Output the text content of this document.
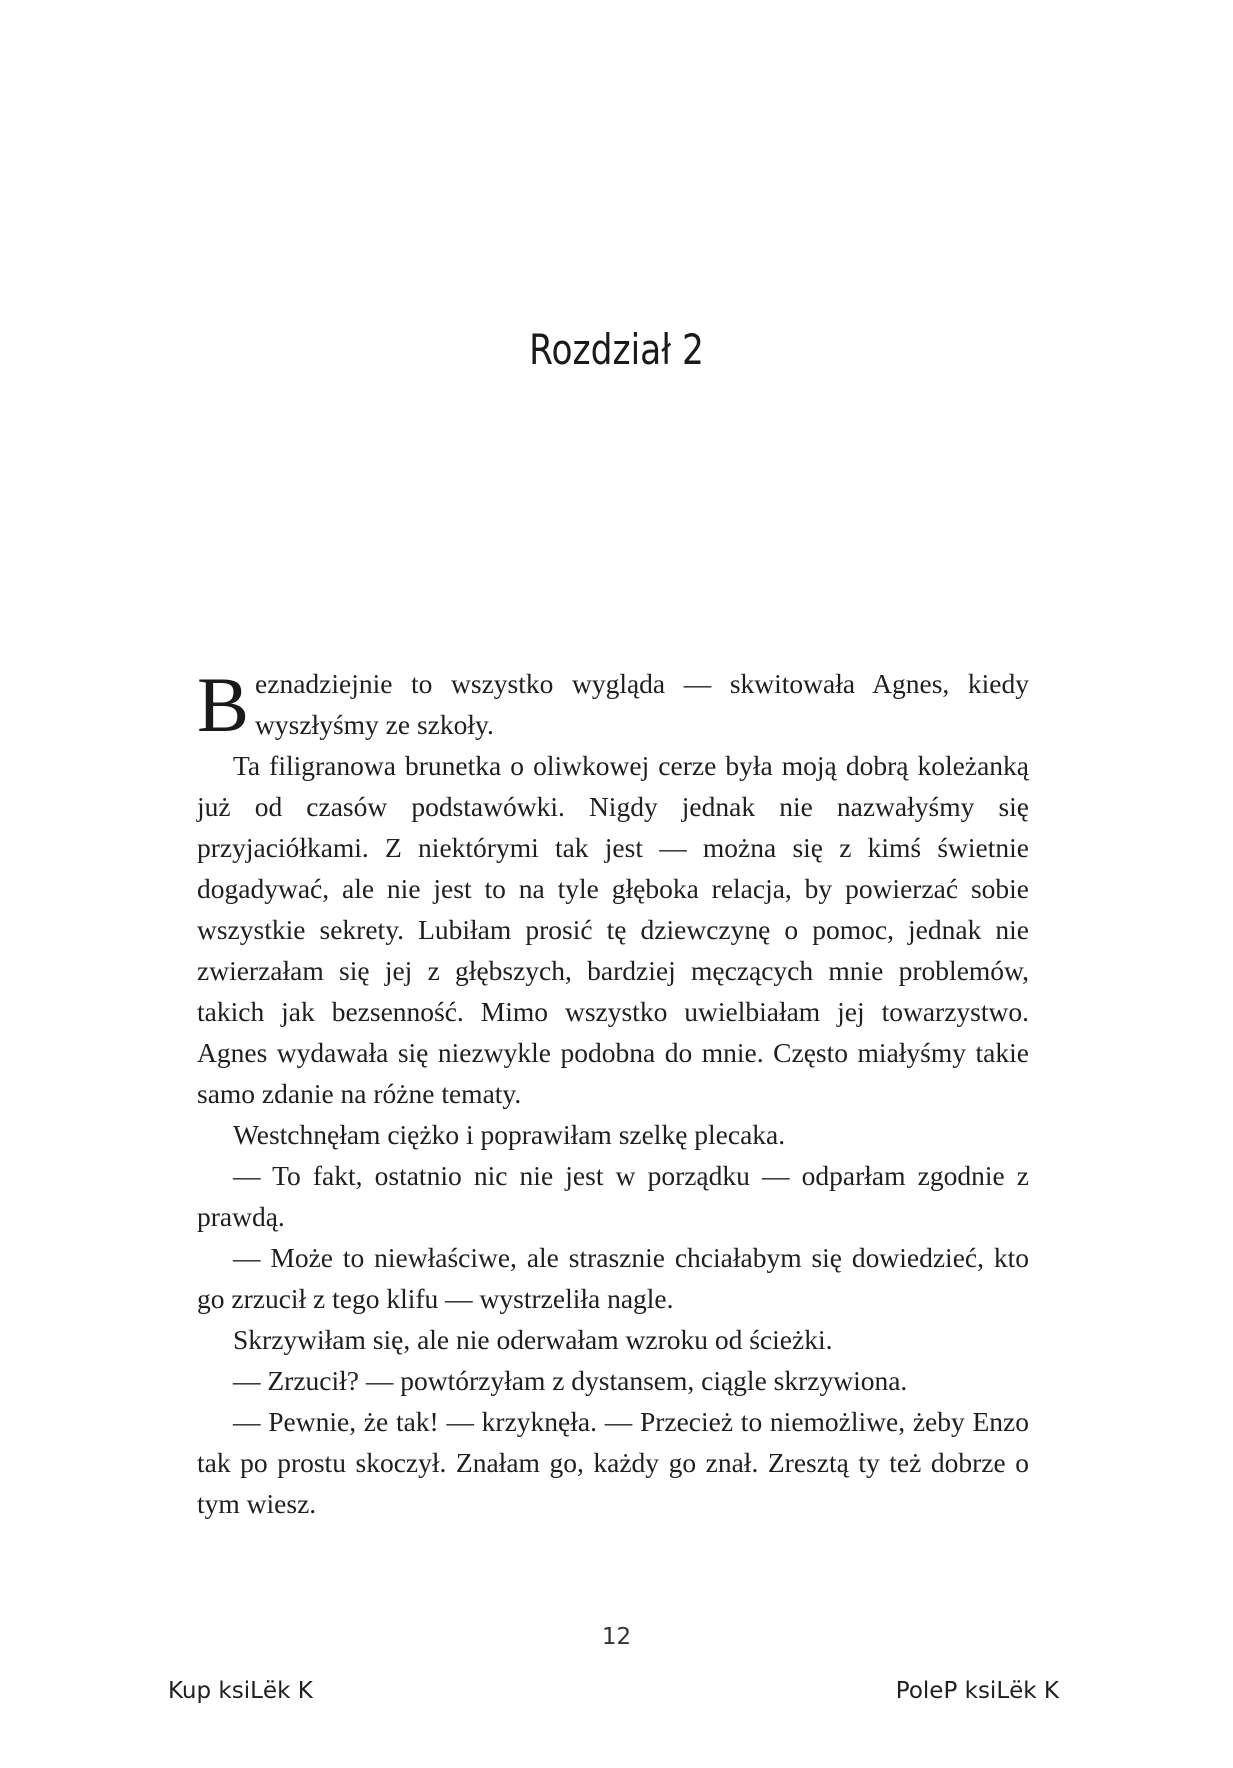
Rozdział 2

Beznadziejnie to wszystko wygląda — skwitowała Agnes, kiedy wyszłyśmy ze szkoły.

Ta filigranowa brunetka o oliwkowej cerze była moją dobrą koleżanką już od czasów podstawówki. Nigdy jednak nie nazwałyśmy się przyjaciółkami. Z niektórymi tak jest — można się z kimś świetnie dogadywać, ale nie jest to na tyle głęboka relacja, by powierzać sobie wszystkie sekrety. Lubiłam prosić tę dziewczynę o pomoc, jednak nie zwierzałam się jej z głębszych, bardziej męczących mnie problemów, takich jak bezsenność. Mimo wszystko uwielbiałam jej towarzystwo. Agnes wydawała się niezwykle podobna do mnie. Często miałyśmy takie samo zdanie na różne tematy.

Westchnęłam ciężko i poprawiłam szelkę plecaka.

— To fakt, ostatnio nic nie jest w porządku — odparłam zgodnie z prawdą.

— Może to niewłaściwe, ale strasznie chciałabym się dowiedzieć, kto go zrzucił z tego klifu — wystrzeliła nagle.

Skrzywiłam się, ale nie oderwałam wzroku od ścieżki.

— Zrzucił? — powtórzyłam z dystansem, ciągle skrzywiona.

— Pewnie, że tak! — krzyknęła. — Przecież to niemożliwe, żeby Enzo tak po prostu skoczył. Znałam go, każdy go znał. Zresztą ty też dobrze o tym wiesz.

12
Kup ksiLёk K	PoleP ksiLёk K
